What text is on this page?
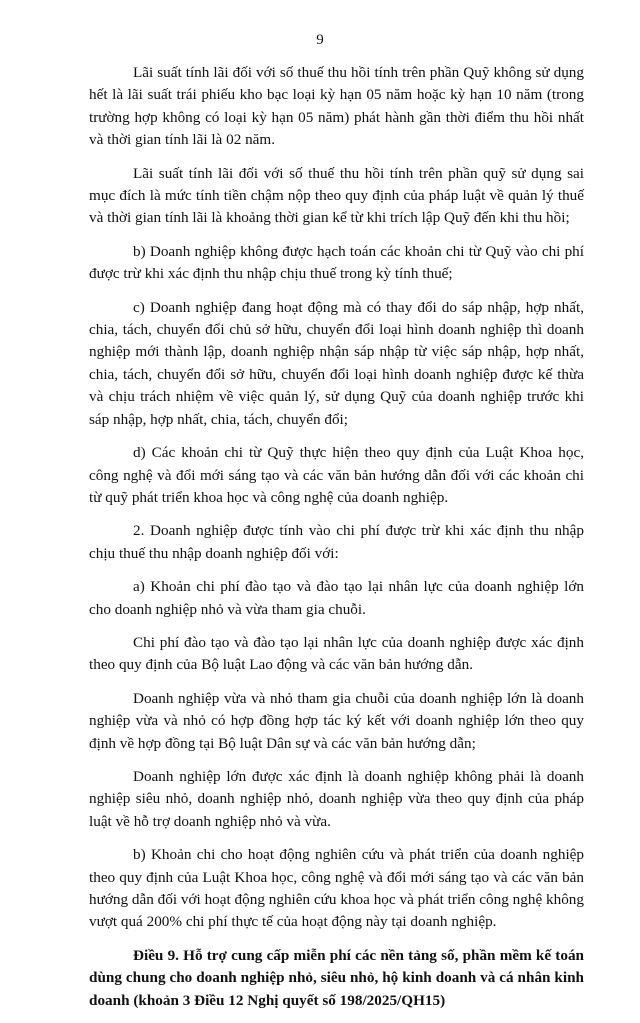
9

Lãi suất tính lãi đối với số thuế thu hồi tính trên phần Quỹ không sử dụng hết là lãi suất trái phiếu kho bạc loại kỳ hạn 05 năm hoặc kỳ hạn 10 năm (trong trường hợp không có loại kỳ hạn 05 năm) phát hành gần thời điểm thu hồi nhất và thời gian tính lãi là 02 năm.

Lãi suất tính lãi đối với số thuế thu hồi tính trên phần quỹ sử dụng sai mục đích là mức tính tiền chậm nộp theo quy định của pháp luật về quản lý thuế và thời gian tính lãi là khoảng thời gian kể từ khi trích lập Quỹ đến khi thu hồi;

b) Doanh nghiệp không được hạch toán các khoản chi từ Quỹ vào chi phí được trừ khi xác định thu nhập chịu thuế trong kỳ tính thuế;

c) Doanh nghiệp đang hoạt động mà có thay đổi do sáp nhập, hợp nhất, chia, tách, chuyển đổi chủ sở hữu, chuyển đổi loại hình doanh nghiệp thì doanh nghiệp mới thành lập, doanh nghiệp nhận sáp nhập từ việc sáp nhập, hợp nhất, chia, tách, chuyển đổi sở hữu, chuyển đổi loại hình doanh nghiệp được kế thừa và chịu trách nhiệm về việc quản lý, sử dụng Quỹ của doanh nghiệp trước khi sáp nhập, hợp nhất, chia, tách, chuyển đổi;

d) Các khoản chi từ Quỹ thực hiện theo quy định của Luật Khoa học, công nghệ và đổi mới sáng tạo và các văn bản hướng dẫn đối với các khoản chi từ quỹ phát triển khoa học và công nghệ của doanh nghiệp.

2. Doanh nghiệp được tính vào chi phí được trừ khi xác định thu nhập chịu thuế thu nhập doanh nghiệp đối với:

a) Khoản chi phí đào tạo và đào tạo lại nhân lực của doanh nghiệp lớn cho doanh nghiệp nhỏ và vừa tham gia chuỗi.

Chi phí đào tạo và đào tạo lại nhân lực của doanh nghiệp được xác định theo quy định của Bộ luật Lao động và các văn bản hướng dẫn.

Doanh nghiệp vừa và nhỏ tham gia chuỗi của doanh nghiệp lớn là doanh nghiệp vừa và nhỏ có hợp đồng hợp tác ký kết với doanh nghiệp lớn theo quy định về hợp đồng tại Bộ luật Dân sự và các văn bản hướng dẫn;

Doanh nghiệp lớn được xác định là doanh nghiệp không phải là doanh nghiệp siêu nhỏ, doanh nghiệp nhỏ, doanh nghiệp vừa theo quy định của pháp luật về hỗ trợ doanh nghiệp nhỏ và vừa.

b) Khoản chi cho hoạt động nghiên cứu và phát triển của doanh nghiệp theo quy định của Luật Khoa học, công nghệ và đổi mới sáng tạo và các văn bản hướng dẫn đối với hoạt động nghiên cứu khoa học và phát triển công nghệ không vượt quá 200% chi phí thực tế của hoạt động này tại doanh nghiệp.

Điều 9. Hỗ trợ cung cấp miễn phí các nền tảng số, phần mềm kế toán dùng chung cho doanh nghiệp nhỏ, siêu nhỏ, hộ kinh doanh và cá nhân kinh doanh (khoản 3 Điều 12 Nghị quyết số 198/2025/QH15)
